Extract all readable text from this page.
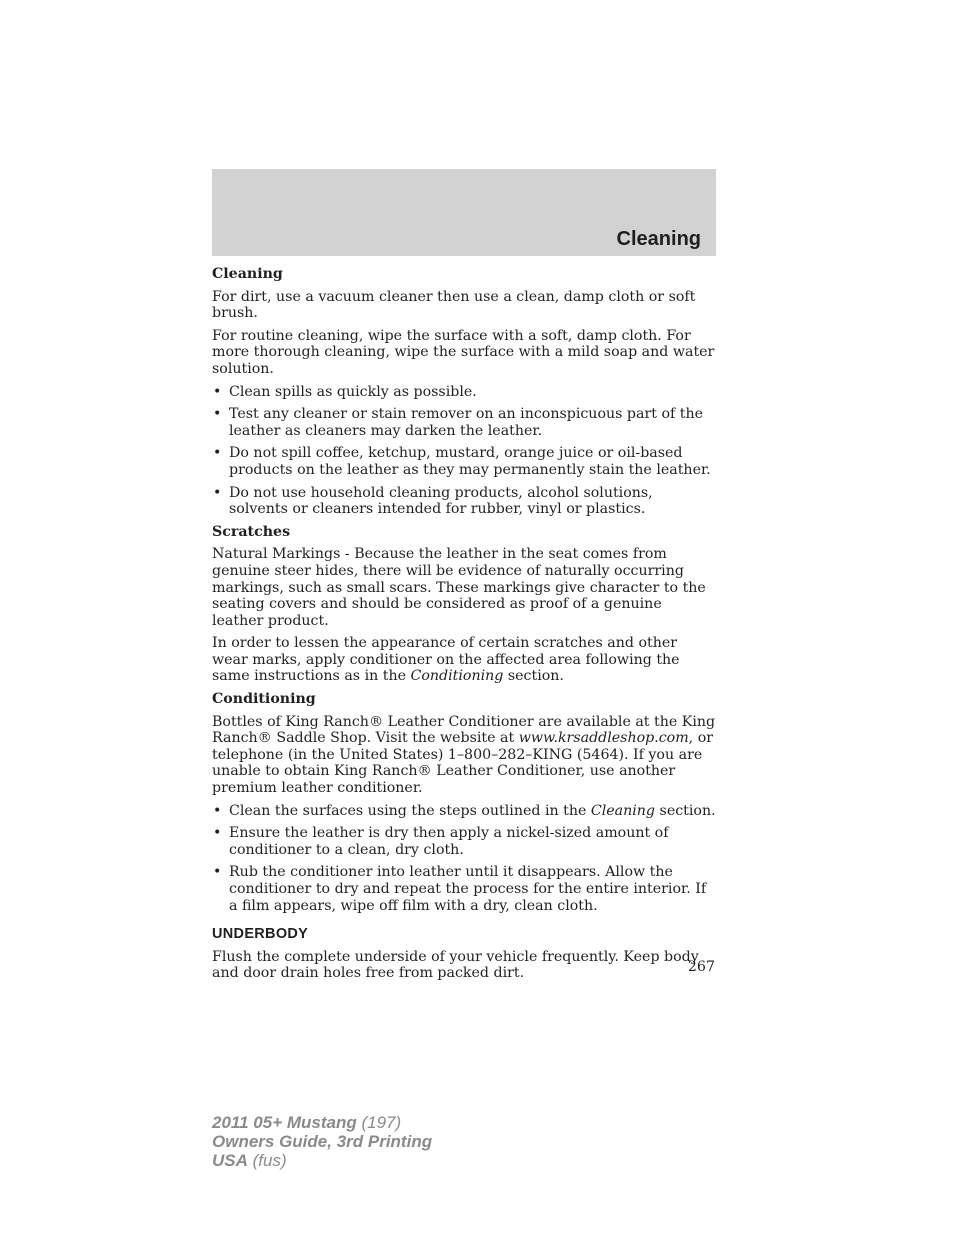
Cleaning
Cleaning

For dirt, use a vacuum cleaner then use a clean, damp cloth or soft brush.

For routine cleaning, wipe the surface with a soft, damp cloth. For more thorough cleaning, wipe the surface with a mild soap and water solution.

• Clean spills as quickly as possible.
• Test any cleaner or stain remover on an inconspicuous part of the leather as cleaners may darken the leather.
• Do not spill coffee, ketchup, mustard, orange juice or oil-based products on the leather as they may permanently stain the leather.
• Do not use household cleaning products, alcohol solutions, solvents or cleaners intended for rubber, vinyl or plastics.
Scratches

Natural Markings - Because the leather in the seat comes from genuine steer hides, there will be evidence of naturally occurring markings, such as small scars. These markings give character to the seating covers and should be considered as proof of a genuine leather product.

In order to lessen the appearance of certain scratches and other wear marks, apply conditioner on the affected area following the same instructions as in the Conditioning section.

Conditioning

Bottles of King Ranch® Leather Conditioner are available at the King Ranch® Saddle Shop. Visit the website at www.krsaddleshop.com, or telephone (in the United States) 1–800–282–KING (5464). If you are unable to obtain King Ranch® Leather Conditioner, use another premium leather conditioner.

• Clean the surfaces using the steps outlined in the Cleaning section.
• Ensure the leather is dry then apply a nickel-sized amount of conditioner to a clean, dry cloth.
• Rub the conditioner into leather until it disappears. Allow the conditioner to dry and repeat the process for the entire interior. If a film appears, wipe off film with a dry, clean cloth.
UNDERBODY

Flush the complete underside of your vehicle frequently. Keep body and door drain holes free from packed dirt.	267
2011 05+ Mustang (197)
Owners Guide, 3rd Printing
USA (fus)
